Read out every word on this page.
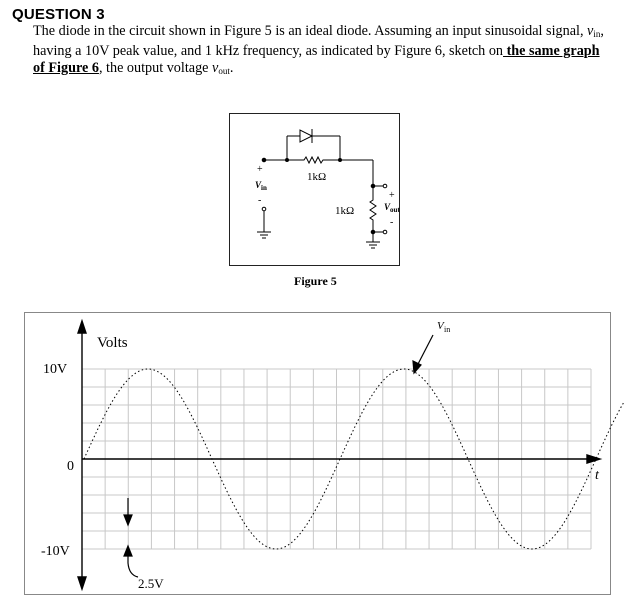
QUESTION 3
The diode in the circuit shown in Figure 5 is an ideal diode. Assuming an input sinusoidal signal, $v_{in}$,
having a 10V peak value, and 1 kHz frequency, as indicated by Figure 6, sketch on the same graph
of Figure 6, the output voltage $v_{out}$.
1kΩ
1kΩ
+
V in
-	+
V out
-
Figure 5
Volts
10V
0
-10V
t
2.5V
V in
